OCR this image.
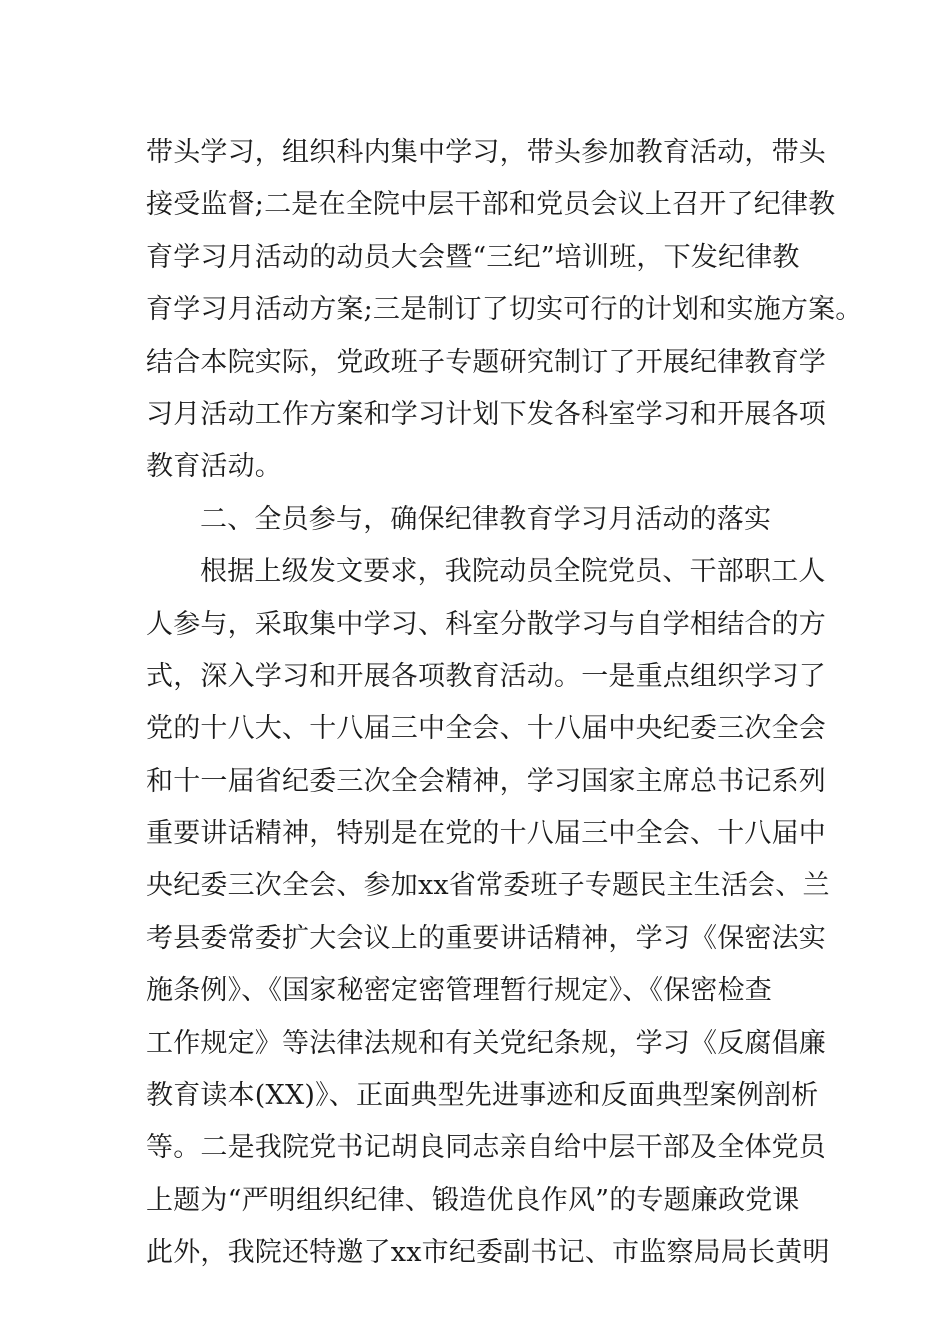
带头学习，组织科内集中学习，带头参加教育活动，带头
接受监督;二是在全院中层干部和党员会议上召开了纪律教
育学习月活动的动员大会暨“三纪”培训班，下发纪律教
育学习月活动方案;三是制订了切实可行的计划和实施方案。
结合本院实际，党政班子专题研究制订了开展纪律教育学
习月活动工作方案和学习计划下发各科室学习和开展各项
教育活动。
二、全员参与，确保纪律教育学习月活动的落实
根据上级发文要求，我院动员全院党员、干部职工人
人参与，采取集中学习、科室分散学习与自学相结合的方
式，深入学习和开展各项教育活动。一是重点组织学习了
党的十八大、十八届三中全会、十八届中央纪委三次全会
和十一届省纪委三次全会精神，学习国家主席总书记系列
重要讲话精神，特别是在党的十八届三中全会、十八届中
央纪委三次全会、参加xx省常委班子专题民主生活会、兰
考县委常委扩大会议上的重要讲话精神，学习《保密法实
施条例》、《国家秘密定密管理暂行规定》、《保密检查
工作规定》等法律法规和有关党纪条规，学习《反腐倡廉
教育读本(XX)》、正面典型先进事迹和反面典型案例剖析
等。二是我院党书记胡良同志亲自给中层干部及全体党员
上题为“严明组织纪律、锻造优良作风”的专题廉政党课
此外，我院还特邀了xx市纪委副书记、市监察局局长黄明
